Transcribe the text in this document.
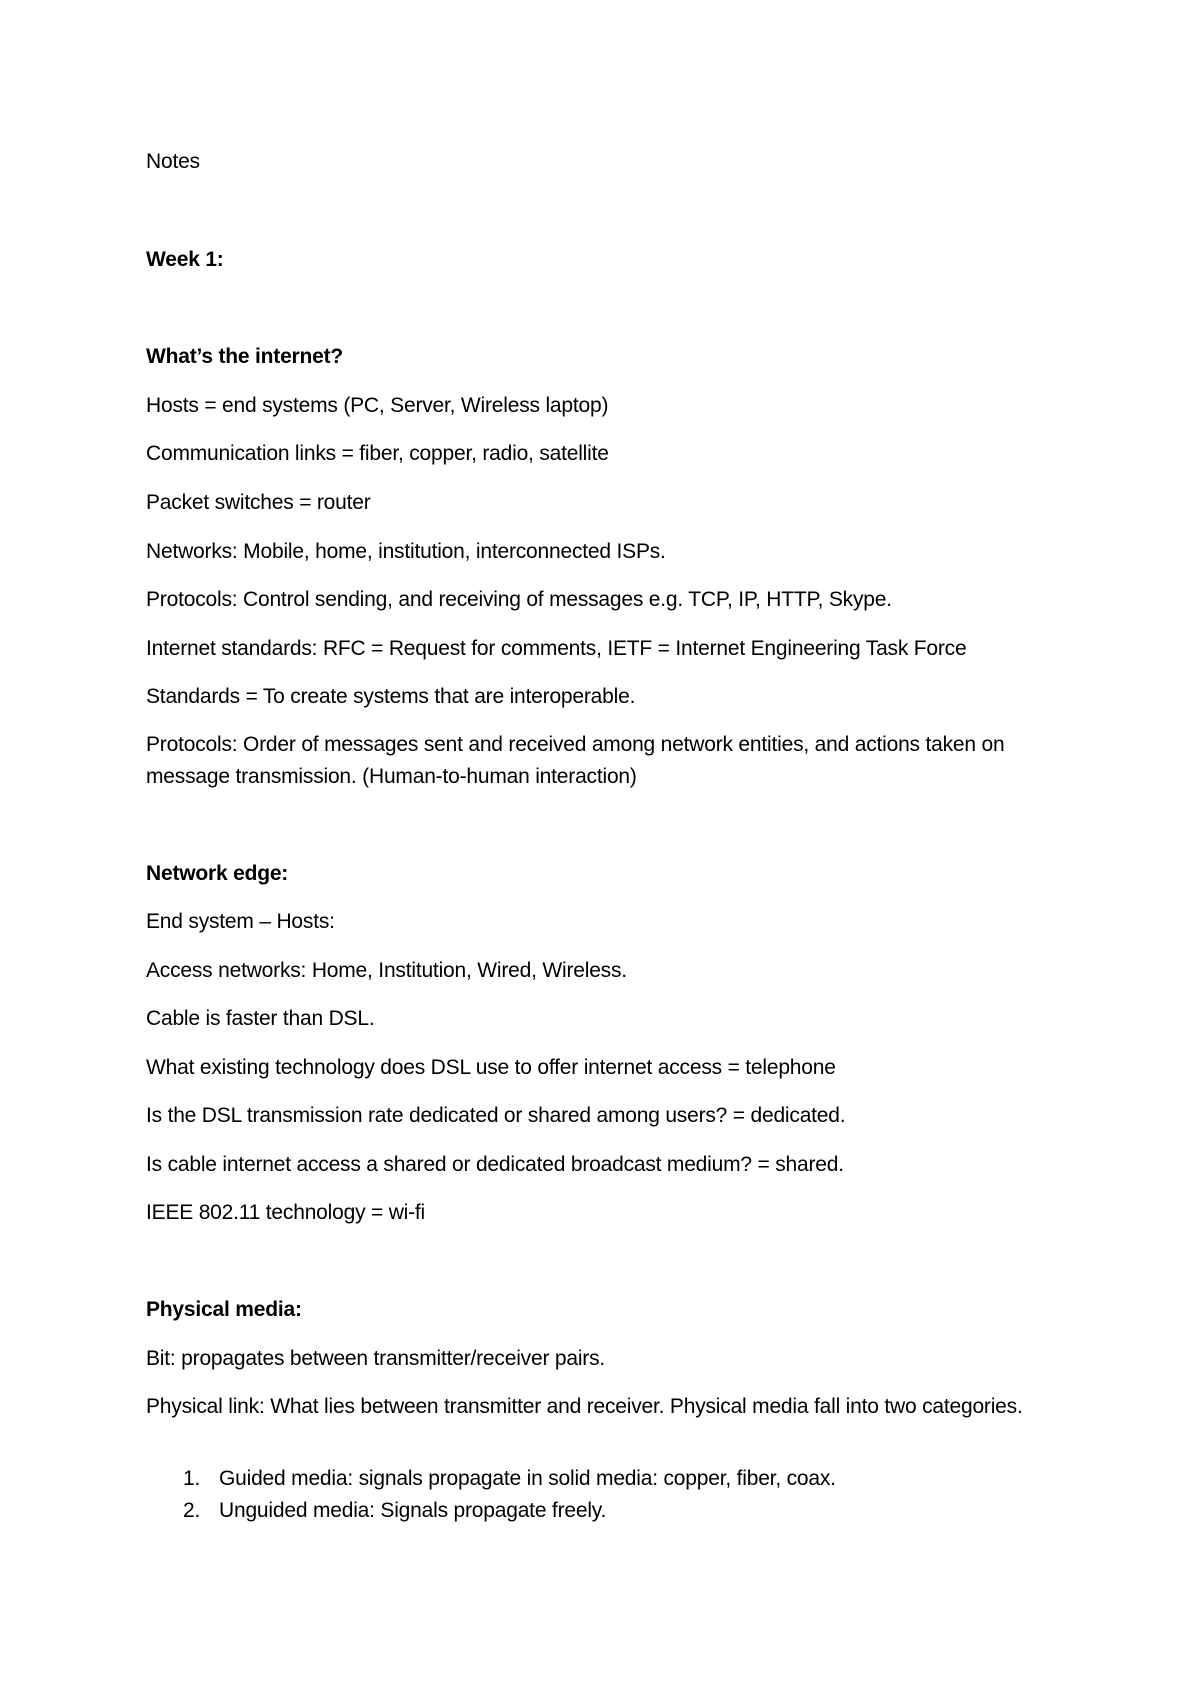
Notes
Week 1:
What’s the internet?
Hosts = end systems (PC, Server, Wireless laptop)
Communication links = fiber, copper, radio, satellite
Packet switches = router
Networks: Mobile, home, institution, interconnected ISPs.
Protocols: Control sending, and receiving of messages e.g. TCP, IP, HTTP, Skype.
Internet standards: RFC = Request for comments, IETF = Internet Engineering Task Force
Standards = To create systems that are interoperable.
Protocols: Order of messages sent and received among network entities, and actions taken on message transmission. (Human-to-human interaction)
Network edge:
End system – Hosts:
Access networks: Home, Institution, Wired, Wireless.
Cable is faster than DSL.
What existing technology does DSL use to offer internet access = telephone
Is the DSL transmission rate dedicated or shared among users? = dedicated.
Is cable internet access a shared or dedicated broadcast medium? = shared.
IEEE 802.11 technology = wi-fi
Physical media:
Bit: propagates between transmitter/receiver pairs.
Physical link: What lies between transmitter and receiver. Physical media fall into two categories.
1. Guided media: signals propagate in solid media: copper, fiber, coax.
2. Unguided media: Signals propagate freely.
